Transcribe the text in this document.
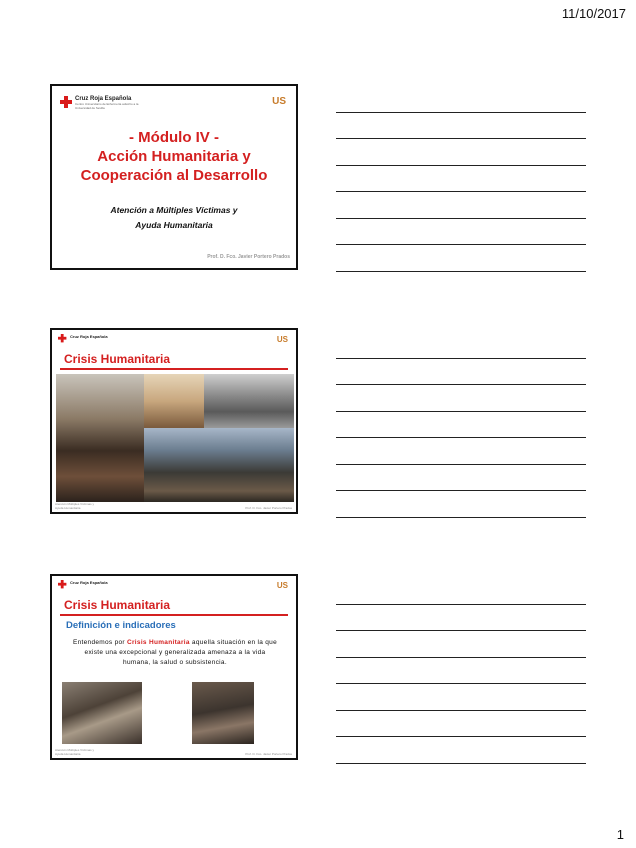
11/10/2017
Cruz Roja Española
Centro Universitario de Enfermería adscrito a la Universidad de Sevilla
US
- Módulo IV -
Acción Humanitaria y
Cooperación al Desarrollo
Atención a Múltiples Víctimas y
Ayuda Humanitaria
Prof. D. Fco. Javier Portero Prados
Cruz Roja Española	US
Crisis Humanitaria
Atención Múltiples Víctimas y
Ayuda Humanitaria	Prof. D. Fco. Javier Portero Prados
Cruz Roja Española	US
Crisis Humanitaria
Definición e indicadores
Entendemos por Crisis Humanitaria aquella situación en la que existe una excepcional y generalizada amenaza a la vida humana, la salud o subsistencia.
Atención Múltiples Víctimas y
Ayuda Humanitaria	Prof. D. Fco. Javier Portero Prados
1
